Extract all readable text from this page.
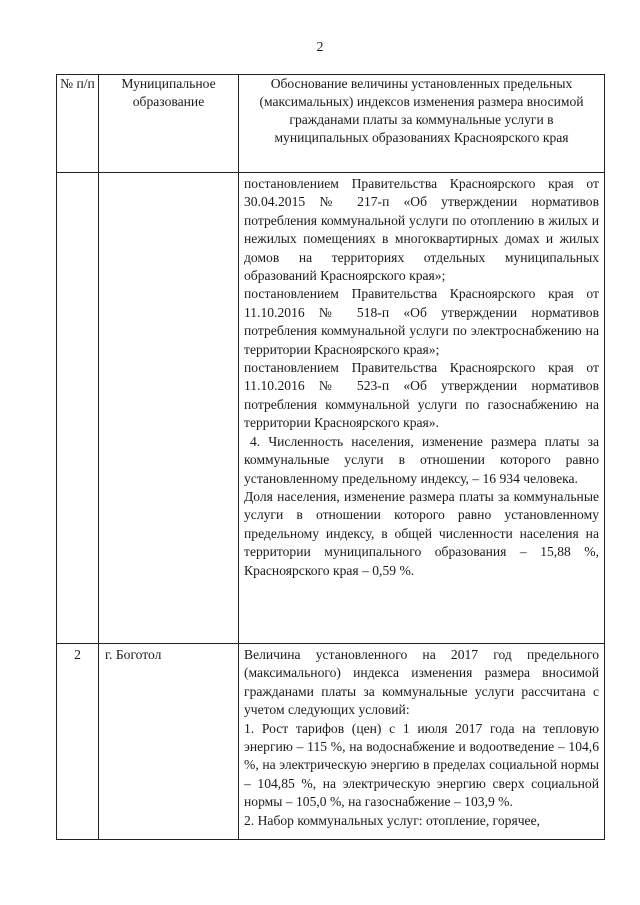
2
№ п/п	Муниципальное образование	Обоснование величины установленных предельных (максимальных) индексов изменения размера вносимой гражданами платы за коммунальные услуги в муниципальных образованиях Красноярского края

		постановлением Правительства Красноярского края от 30.04.2015 № 217-п «Об утверждении нормативов потребления коммунальной услуги по отоплению в жилых и нежилых помещениях в многоквартирных домах и жилых домов на территориях отдельных муниципальных образований Красноярского края»;

постановлением Правительства Красноярского края от 11.10.2016 № 518-п «Об утверждении нормативов потребления коммунальной услуги по электроснабжению на территории Красноярского края»;

постановлением Правительства Красноярского края от 11.10.2016 № 523-п «Об утверждении нормативов потребления коммунальной услуги по газоснабжению на территории Красноярского края».

4. Численность населения, изменение размера платы за коммунальные услуги в отношении которого равно установленному предельному индексу, – 16 934 человека.

Доля населения, изменение размера платы за коммунальные услуги в отношении которого равно установленному предельному индексу, в общей численности населения на территории муниципального образования – 15,88 %, Красноярского края – 0,59 %.

2	г. Боготол	Величина установленного на 2017 год предельного (максимального) индекса изменения размера вносимой гражданами платы за коммунальные услуги рассчитана с учетом следующих условий:

1. Рост тарифов (цен) с 1 июля 2017 года на тепловую энергию – 115 %, на водоснабжение и водоотведение – 104,6 %, на электрическую энергию в пределах социальной нормы – 104,85 %, на электрическую энергию сверх социальной нормы – 105,0 %, на газоснабжение – 103,9 %.

2. Набор коммунальных услуг: отопление, горячее,
